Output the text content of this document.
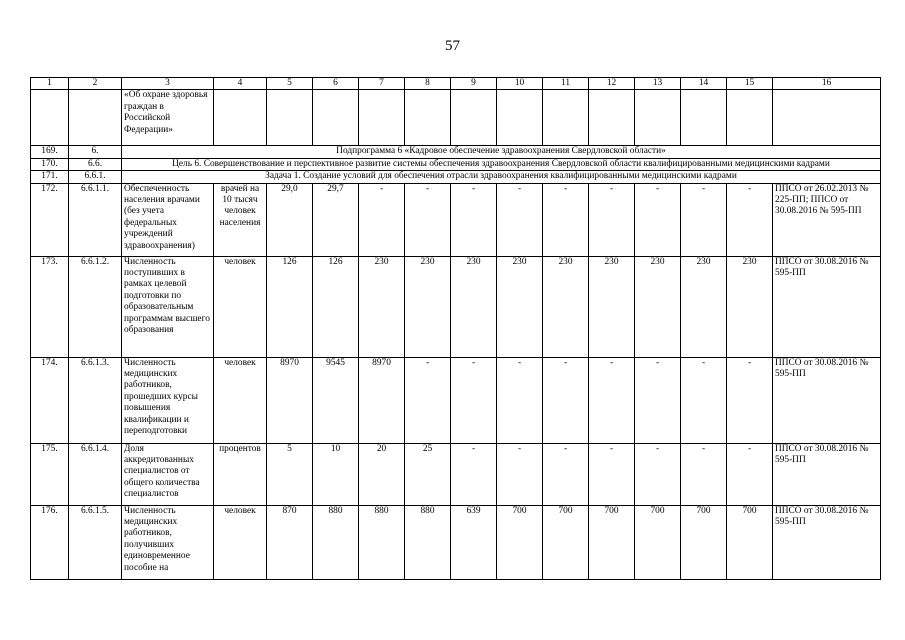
57
1	2	3	4	5	6	7	8	9	10	11	12	13	14	15	16
		«Об охране здоровья граждан в Российской Федерации»													
169.	6.	Подпрограмма 6 «Кадровое обеспечение здравоохранения Свердловской области»													
170.	6.6.	Цель 6. Совершенствование и перспективное развитие системы обеспечения здравоохранения Свердловской области квалифицированными медицинскими кадрами													
171.	6.6.1.	Задача 1. Создание условий для обеспечения отрасли здравоохранения квалифицированными медицинскими кадрами													
172.	6.6.1.1.	Обеспеченность населения врачами (без учета федеральных учреждений здравоохранения)	врачей на 10 тысяч человек населения	29,0	29,7	-	-	-	-	-	-	-	-	-	ППСО от 26.02.2013 № 225-ПП; ППСО от 30.08.2016 № 595-ПП
173.	6.6.1.2.	Численность поступивших в рамках целевой подготовки по образовательным программам высшего образования	человек	126	126	230	230	230	230	230	230	230	230	230	ППСО от 30.08.2016 № 595-ПП
174.	6.6.1.3.	Численность медицинских работников, прошедших курсы повышения квалификации и переподготовки	человек	8970	9545	8970	-	-	-	-	-	-	-	-	ППСО от 30.08.2016 № 595-ПП
175.	6.6.1.4.	Доля аккредитованных специалистов от общего количества специалистов	процентов	5	10	20	25	-	-	-	-	-	-	-	ППСО от 30.08.2016 № 595-ПП
176.	6.6.1.5.	Численность медицинских работников, получивших единовременное пособие на	человек	870	880	880	880	639	700	700	700	700	700	700	ППСО от 30.08.2016 № 595-ПП
